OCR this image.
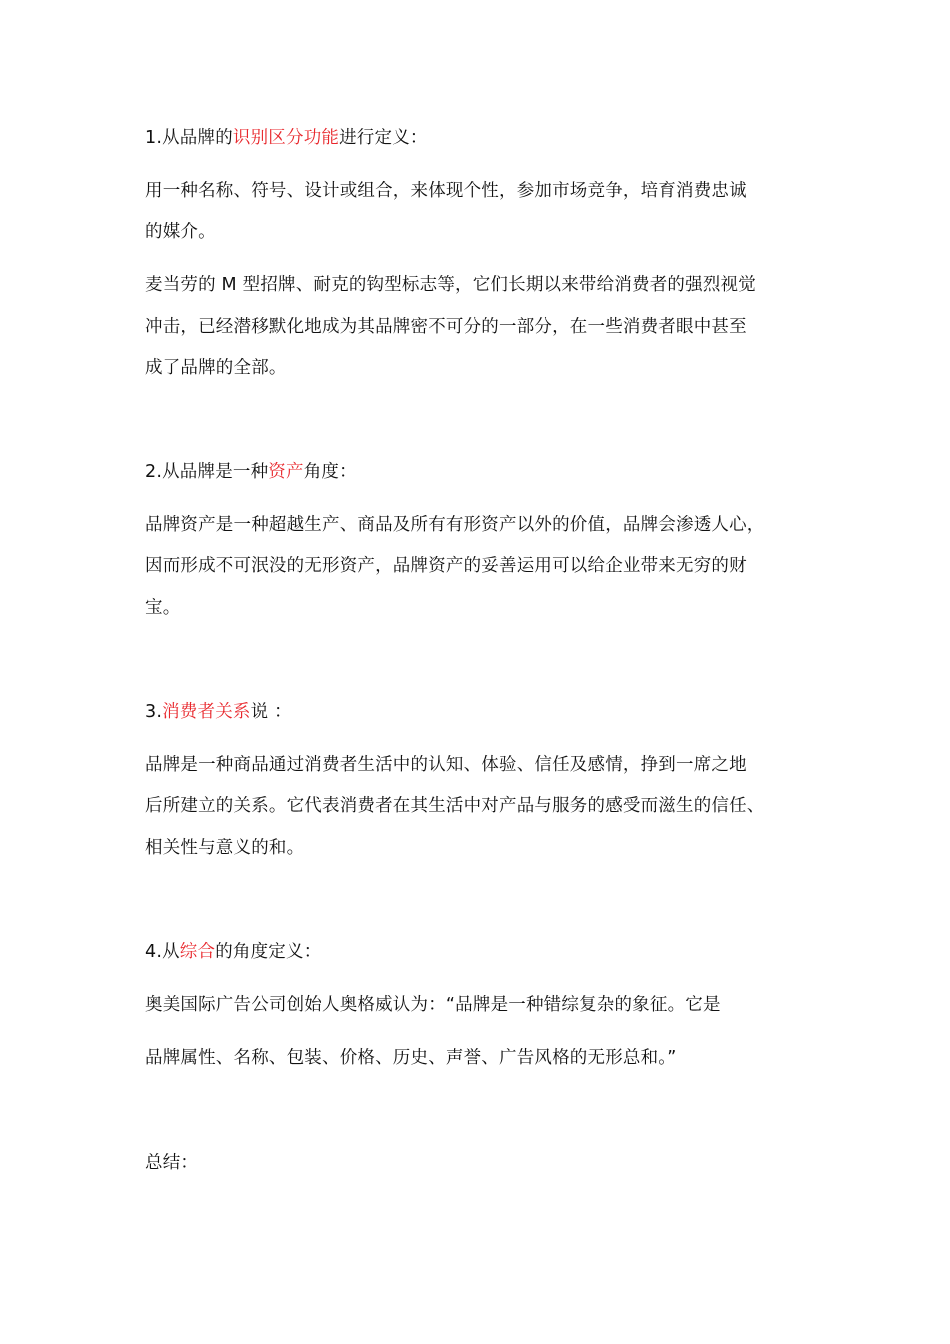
1.从品牌的识别区分功能进行定义：
用一种名称、符号、设计或组合，来体现个性，参加市场竞争，培育消费忠诚
的媒介。
麦当劳的 M 型招牌、耐克的钩型标志等，它们长期以来带给消费者的强烈视觉
冲击，已经潜移默化地成为其品牌密不可分的一部分，在一些消费者眼中甚至
成了品牌的全部。
2.从品牌是一种资产角度：
品牌资产是一种超越生产、商品及所有有形资产以外的价值，品牌会渗透人心，
因而形成不可泯没的无形资产，品牌资产的妥善运用可以给企业带来无穷的财
宝。
3.消费者关系说 ：
品牌是一种商品通过消费者生活中的认知、体验、信任及感情，挣到一席之地
后所建立的关系。它代表消费者在其生活中对产品与服务的感受而滋生的信任、
相关性与意义的和。
4.从综合的角度定义：
奥美国际广告公司创始人奥格威认为：“品牌是一种错综复杂的象征。它是
品牌属性、名称、包装、价格、历史、声誉、广告风格的无形总和。”
总结：
